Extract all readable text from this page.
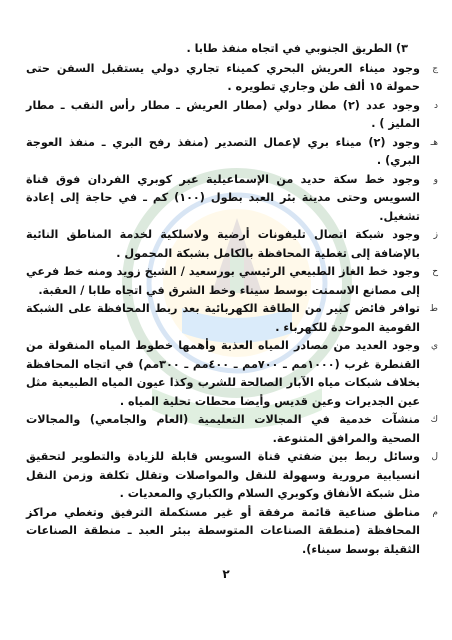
٣) الطريق الجنوبي في اتجاه منفذ طابا .
ج
وجود ميناء العريش البحري كميناء تجاري دولي يستقبل السفن حتى حمولة ١٥ ألف طن وجاري تطويره .
د
وجود عدد (٢) مطار دولي (مطار العريش ـ مطار رأس النقب ـ مطار المليز ) .
هـ
وجود (٢) ميناء بري لإعمال التصدير (منفذ رفح البري ـ منفذ العوجة البري) .
و
وجود خط سكة حديد من الإسماعيلية عبر كوبري الفردان فوق قناة السويس وحتى مدينة بئر العبد بطول (١٠٠) كم ـ في حاجة إلى إعادة تشغيل.
ز
وجود شبكة اتصال تليفونات أرضية ولاسلكية لخدمة المناطق النائية بالإضافة إلى تغطية المحافظة بالكامل بشبكة المحمول .
ح
وجود خط الغاز الطبيعي الرئيسي بورسعيد / الشيخ زويد ومنه خط فرعي إلى مصانع الاسمنت بوسط سيناء وخط الشرق في اتجاه طابا / العقبة.
ط
توافر فائض كبير من الطاقة الكهربائية بعد ربط المحافظة على الشبكة القومية الموحدة للكهرباء .
ي
وجود العديد من مصادر المياه العذبة وأهمها خطوط المياه المنقولة من القنطرة غرب (١٠٠٠مم ـ ٧٠٠مم ـ ٤٠٠مم ـ ٣٠٠مم) في اتجاه المحافظة بخلاف شبكات مياه الآبار الصالحة للشرب وكذا عيون المياه الطبيعية مثل عين الجديرات وعين قديس وأيضا محطات تحلية المياه .
ك
منشآت خدمية في المجالات التعليمية (العام والجامعي) والمجالات الصحية والمرافق المتنوعة.
ل
وسائل ربط بين ضفتي قناة السويس قابلة للزيادة والتطوير لتحقيق انسيابية مرورية وسهولة للنقل والمواصلات وتقلل تكلفة وزمن النقل مثل شبكة الأنفاق وكوبري السلام والكباري والمعديات .
م
مناطق صناعية قائمة مرفقة أو غير مستكملة الترفيق وتغطي مراكز المحافظة (منطقة الصناعات المتوسطة ببئر العبد ـ منطقة الصناعات الثقيلة بوسط سيناء).
٢
